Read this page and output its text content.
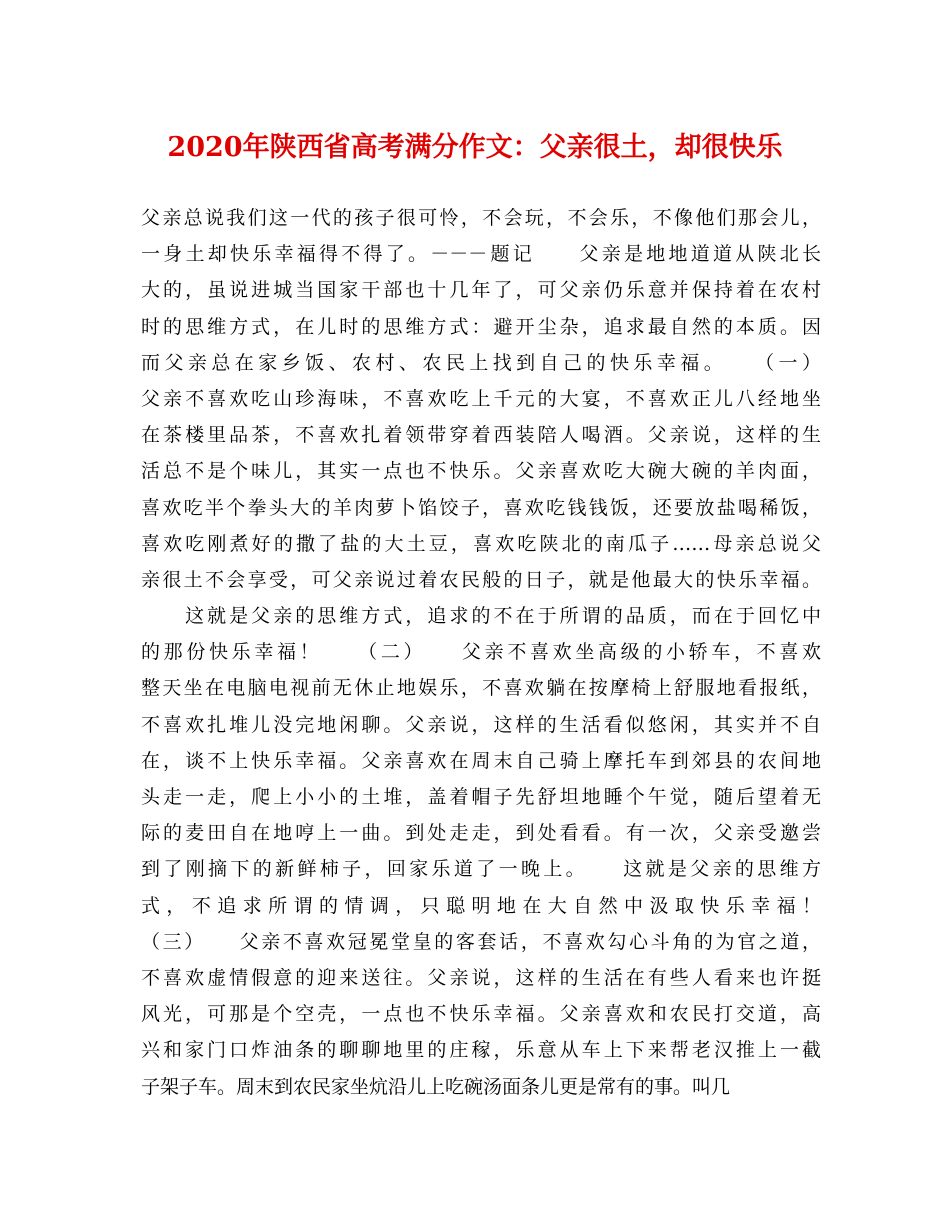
2020年陕西省高考满分作文：父亲很土，却很快乐
父亲总说我们这一代的孩子很可怜，不会玩，不会乐，不像他们那会儿，
一身土却快乐幸福得不得了。－－－题记　　父亲是地地道道从陕北长
大的，虽说进城当国家干部也十几年了，可父亲仍乐意并保持着在农村
时的思维方式，在儿时的思维方式：避开尘杂，追求最自然的本质。因
而父亲总在家乡饭、农村、农民上找到自己的快乐幸福。　　（一）
父亲不喜欢吃山珍海味，不喜欢吃上千元的大宴，不喜欢正儿八经地坐
在茶楼里品茶，不喜欢扎着领带穿着西装陪人喝酒。父亲说，这样的生
活总不是个味儿，其实一点也不快乐。父亲喜欢吃大碗大碗的羊肉面，
喜欢吃半个拳头大的羊肉萝卜馅饺子，喜欢吃钱钱饭，还要放盐喝稀饭，
喜欢吃刚煮好的撒了盐的大土豆，喜欢吃陕北的南瓜子……母亲总说父
亲很土不会享受，可父亲说过着农民般的日子，就是他最大的快乐幸福。
　　这就是父亲的思维方式，追求的不在于所谓的品质，而在于回忆中
的那份快乐幸福！　　（二）　　父亲不喜欢坐高级的小轿车，不喜欢
整天坐在电脑电视前无休止地娱乐，不喜欢躺在按摩椅上舒服地看报纸，
不喜欢扎堆儿没完地闲聊。父亲说，这样的生活看似悠闲，其实并不自
在，谈不上快乐幸福。父亲喜欢在周末自己骑上摩托车到郊县的农间地
头走一走，爬上小小的土堆，盖着帽子先舒坦地睡个午觉，随后望着无
际的麦田自在地哼上一曲。到处走走，到处看看。有一次，父亲受邀尝
到了刚摘下的新鲜柿子，回家乐道了一晚上。　　这就是父亲的思维方
式，不追求所谓的情调，只聪明地在大自然中汲取快乐幸福！
（三）　　父亲不喜欢冠冕堂皇的客套话，不喜欢勾心斗角的为官之道，
不喜欢虚情假意的迎来送往。父亲说，这样的生活在有些人看来也许挺
风光，可那是个空壳，一点也不快乐幸福。父亲喜欢和农民打交道，高
兴和家门口炸油条的聊聊地里的庄稼，乐意从车上下来帮老汉推上一截
子架子车。周末到农民家坐炕沿儿上吃碗汤面条儿更是常有的事。叫几
